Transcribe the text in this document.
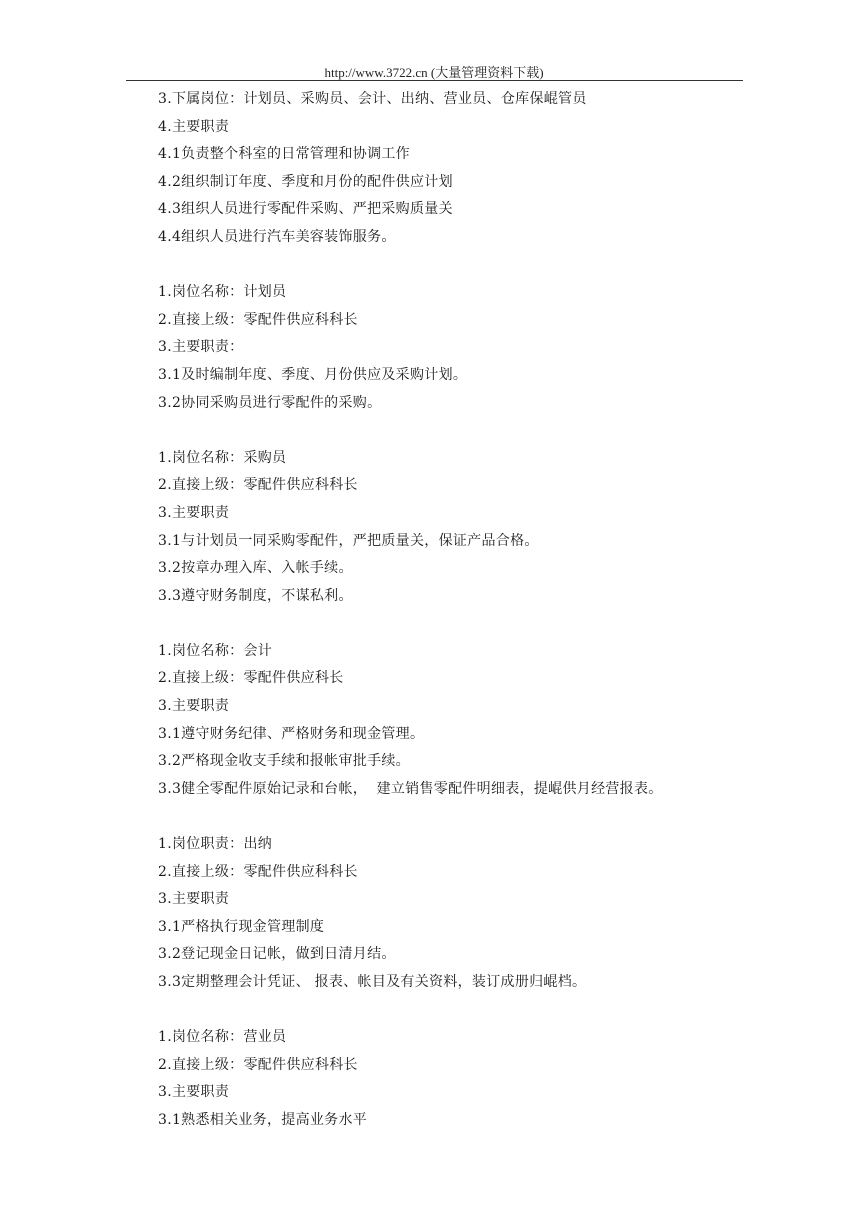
http://www.3722.cn (大量管理资料下载)
3.下属岗位：计划员、采购员、会计、出纳、营业员、仓库保崐管员
4.主要职责
4.1负责整个科室的日常管理和协调工作
4.2组织制订年度、季度和月份的配件供应计划
4.3组织人员进行零配件采购、严把采购质量关
4.4组织人员进行汽车美容装饰服务。
1.岗位名称：计划员
2.直接上级：零配件供应科科长
3.主要职责：
3.1及时编制年度、季度、月份供应及采购计划。
3.2协同采购员进行零配件的采购。
1.岗位名称：采购员
2.直接上级：零配件供应科科长
3.主要职责
3.1与计划员一同采购零配件，严把质量关，保证产品合格。
3.2按章办理入库、入帐手续。
3.3遵守财务制度，不谋私利。
1.岗位名称：会计
2.直接上级：零配件供应科长
3.主要职责
3.1遵守财务纪律、严格财务和现金管理。
3.2严格现金收支手续和报帐审批手续。
3.3健全零配件原始记录和台帐，  建立销售零配件明细表，提崐供月经营报表。
1.岗位职责：出纳
2.直接上级：零配件供应科科长
3.主要职责
3.1严格执行现金管理制度
3.2登记现金日记帐，做到日清月结。
3.3定期整理会计凭证、 报表、帐目及有关资料，装订成册归崐档。
1.岗位名称：营业员
2.直接上级：零配件供应科科长
3.主要职责
3.1熟悉相关业务，提高业务水平
